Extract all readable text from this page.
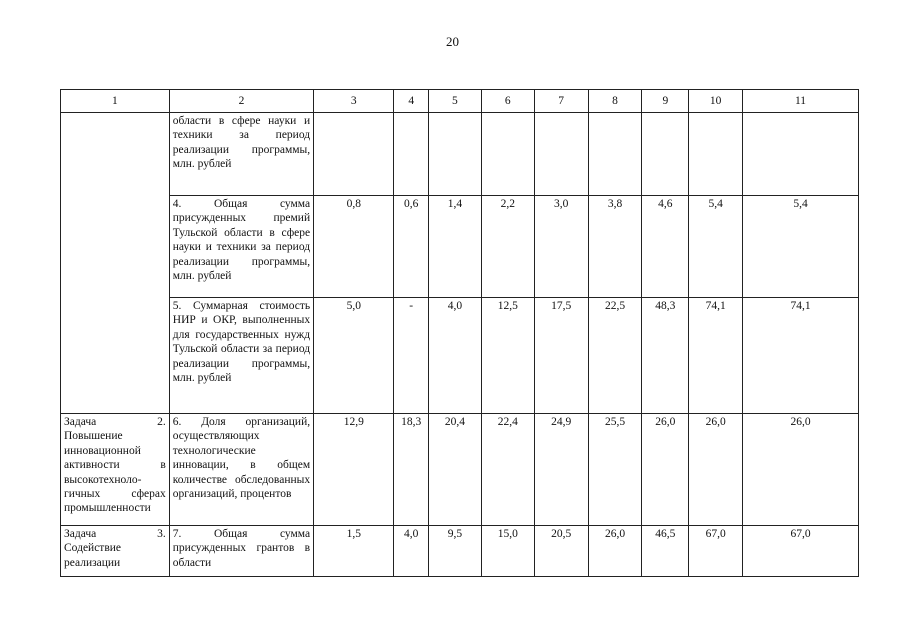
20
1	2	3	4	5	6	7	8	9	10	11
	области в сфере науки и техники за период реализации программы, млн. рублей									
	4. Общая сумма присужденных премий Тульской области в сфере науки и техники за период реализации программы, млн. рублей	0,8	0,6	1,4	2,2	3,0	3,8	4,6	5,4	5,4
	5. Суммарная стоимость НИР и ОКР, выполненных для государственных нужд Тульской области за период реализации программы, млн. рублей	5,0	-	4,0	12,5	17,5	22,5	48,3	74,1	74,1
Задача 2. Повышение инновационной активности в высокотехноло-гичных сферах промышленности	6. Доля организаций, осуществляющих технологические инновации, в общем количестве обследованных организаций, процентов	12,9	18,3	20,4	22,4	24,9	25,5	26,0	26,0	26,0
Задача 3. Содействие реализации	7. Общая сумма присужденных грантов в области	1,5	4,0	9,5	15,0	20,5	26,0	46,5	67,0	67,0
